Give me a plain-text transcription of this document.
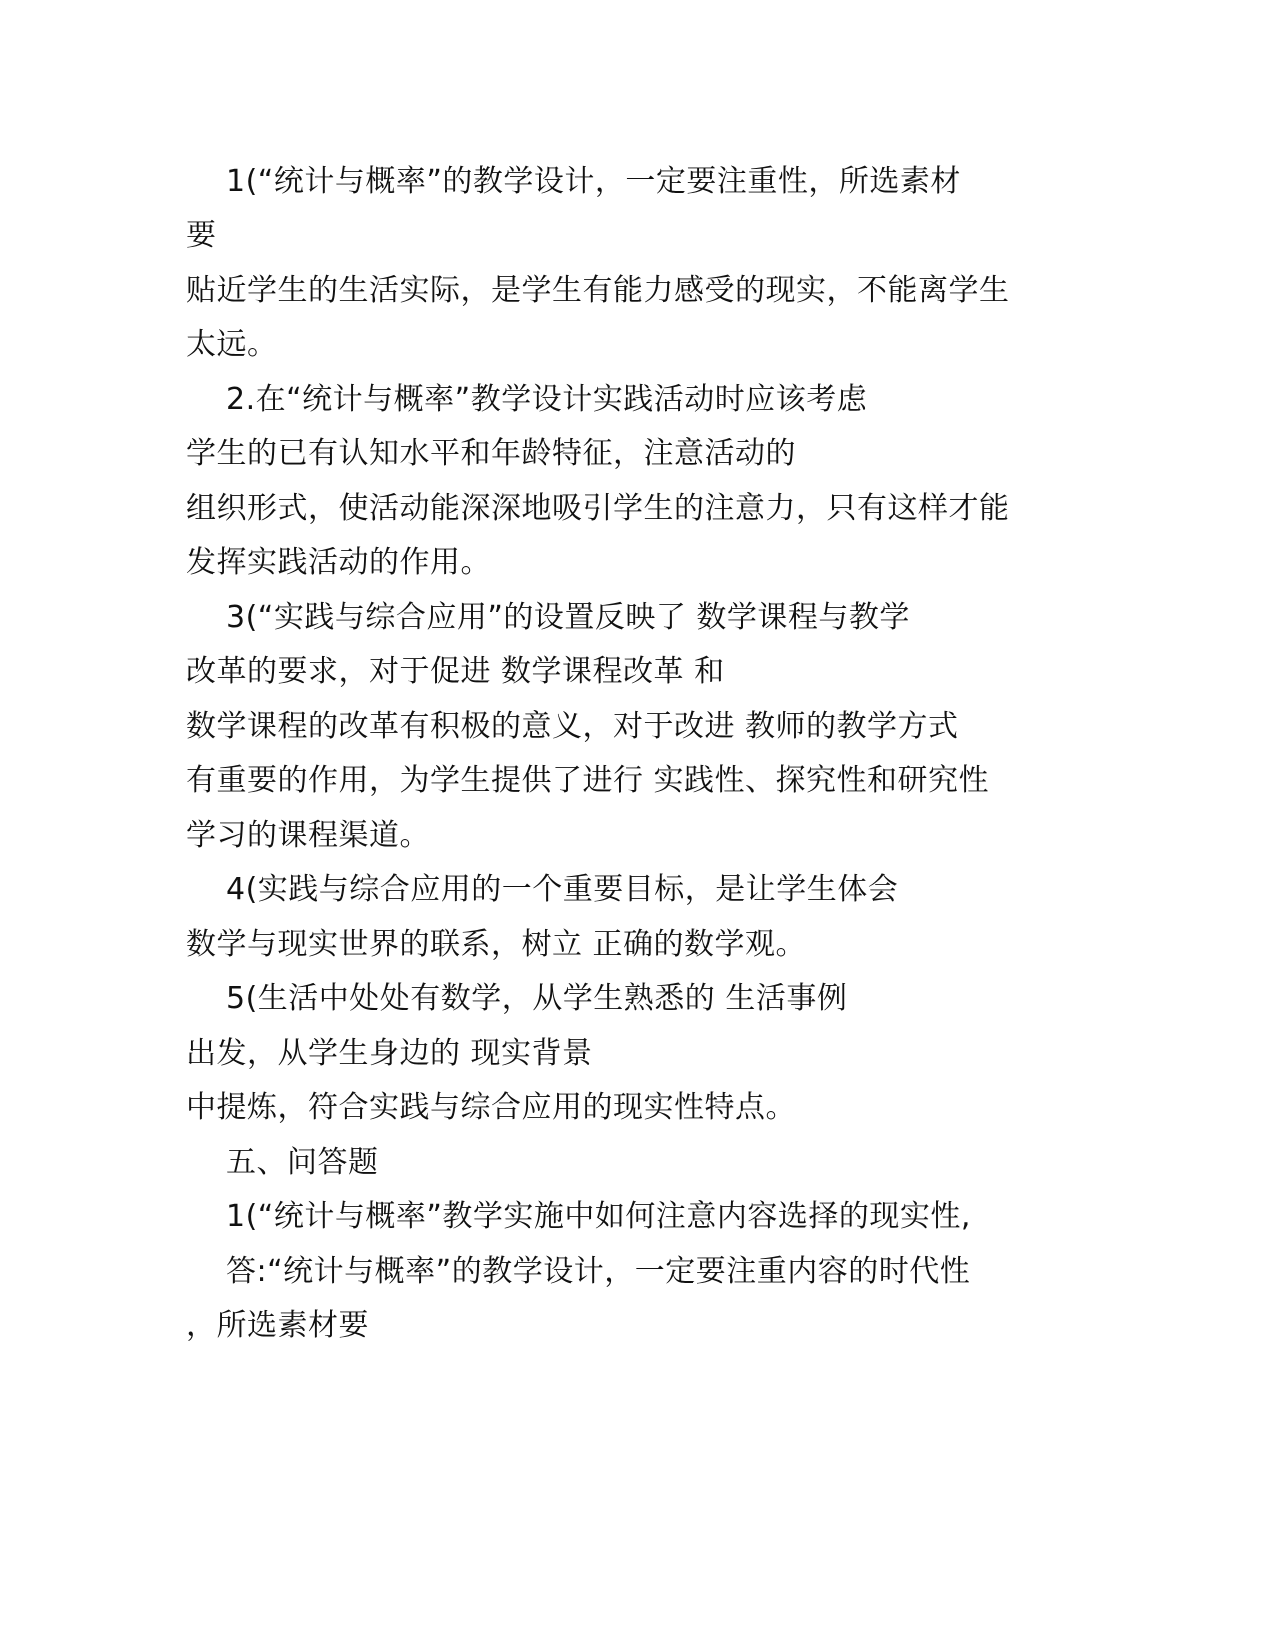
1(“统计与概率”的教学设计，一定要注重性，所选素材
要
贴近学生的生活实际，是学生有能力感受的现实，不能离学生
太远。
2.在“统计与概率”教学设计实践活动时应该考虑
学生的已有认知水平和年龄特征，注意活动的
组织形式，使活动能深深地吸引学生的注意力，只有这样才能
发挥实践活动的作用。
3(“实践与综合应用”的设置反映了 数学课程与教学
改革的要求，对于促进 数学课程改革 和
数学课程的改革有积极的意义，对于改进 教师的教学方式
有重要的作用，为学生提供了进行 实践性、探究性和研究性
学习的课程渠道。
4(实践与综合应用的一个重要目标，是让学生体会
数学与现实世界的联系，树立 正确的数学观。
5(生活中处处有数学，从学生熟悉的 生活事例
出发，从学生身边的 现实背景
中提炼，符合实践与综合应用的现实性特点。
五、问答题
1(“统计与概率”教学实施中如何注意内容选择的现实性,
答:“统计与概率”的教学设计，一定要注重内容的时代性
，所选素材要
